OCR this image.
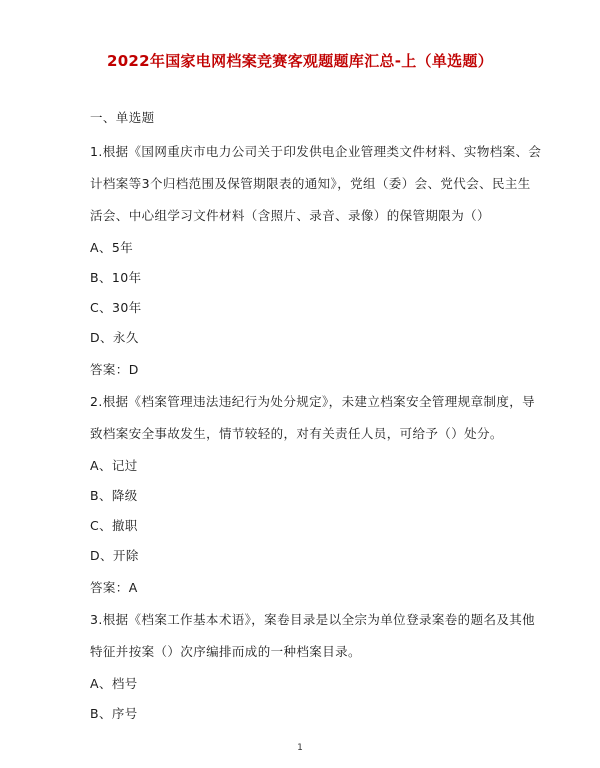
2022年国家电网档案竞赛客观题题库汇总-上（单选题）
一、单选题
1.根据《国网重庆市电力公司关于印发供电企业管理类文件材料、实物档案、会
计档案等3个归档范围及保管期限表的通知》，党组（委）会、党代会、民主生
活会、中心组学习文件材料（含照片、录音、录像）的保管期限为（）
A、5年
B、10年
C、30年
D、永久
答案：D
2.根据《档案管理违法违纪行为处分规定》，未建立档案安全管理规章制度，导
致档案安全事故发生，情节较轻的，对有关责任人员，可给予（）处分。
A、记过
B、降级
C、撤职
D、开除
答案：A
3.根据《档案工作基本术语》，案卷目录是以全宗为单位登录案卷的题名及其他
特征并按案（）次序编排而成的一种档案目录。
A、档号
B、序号
1
